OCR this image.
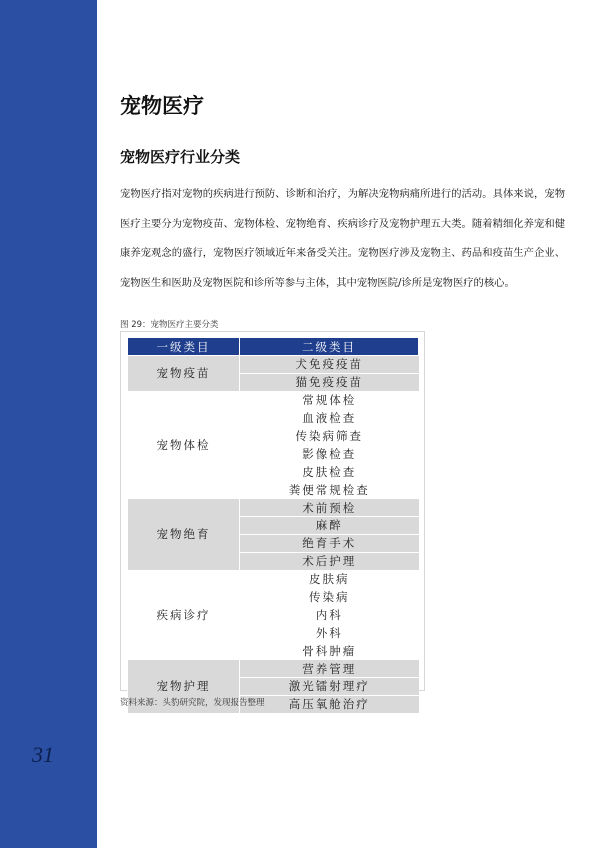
31
宠物医疗
宠物医疗行业分类

宠物医疗指对宠物的疾病进行预防、诊断和治疗，为解决宠物病痛所进行的活动。具体来说，宠物医疗主要分为宠物疫苗、宠物体检、宠物绝育、疾病诊疗及宠物护理五大类。随着精细化养宠和健康养宠观念的盛行，宠物医疗领域近年来备受关注。宠物医疗涉及宠物主、药品和疫苗生产企业、宠物医生和医助及宠物医院和诊所等参与主体，其中宠物医院/诊所是宠物医疗的核心。

图 29：宠物医疗主要分类
一级类目	二级类目
宠物疫苗	犬免疫疫苗
	猫免疫疫苗
宠物体检	常规体检
	血液检查
	传染病筛查
	影像检查
	皮肤检查
	粪便常规检查
宠物绝育	术前预检
	麻醉
	绝育手术
	术后护理
疾病诊疗	皮肤病
	传染病
	内科
	外科
	骨科肿瘤
宠物护理	营养管理
	激光镭射理疗
	高压氧舱治疗
资料来源：头豹研究院，发现报告整理
